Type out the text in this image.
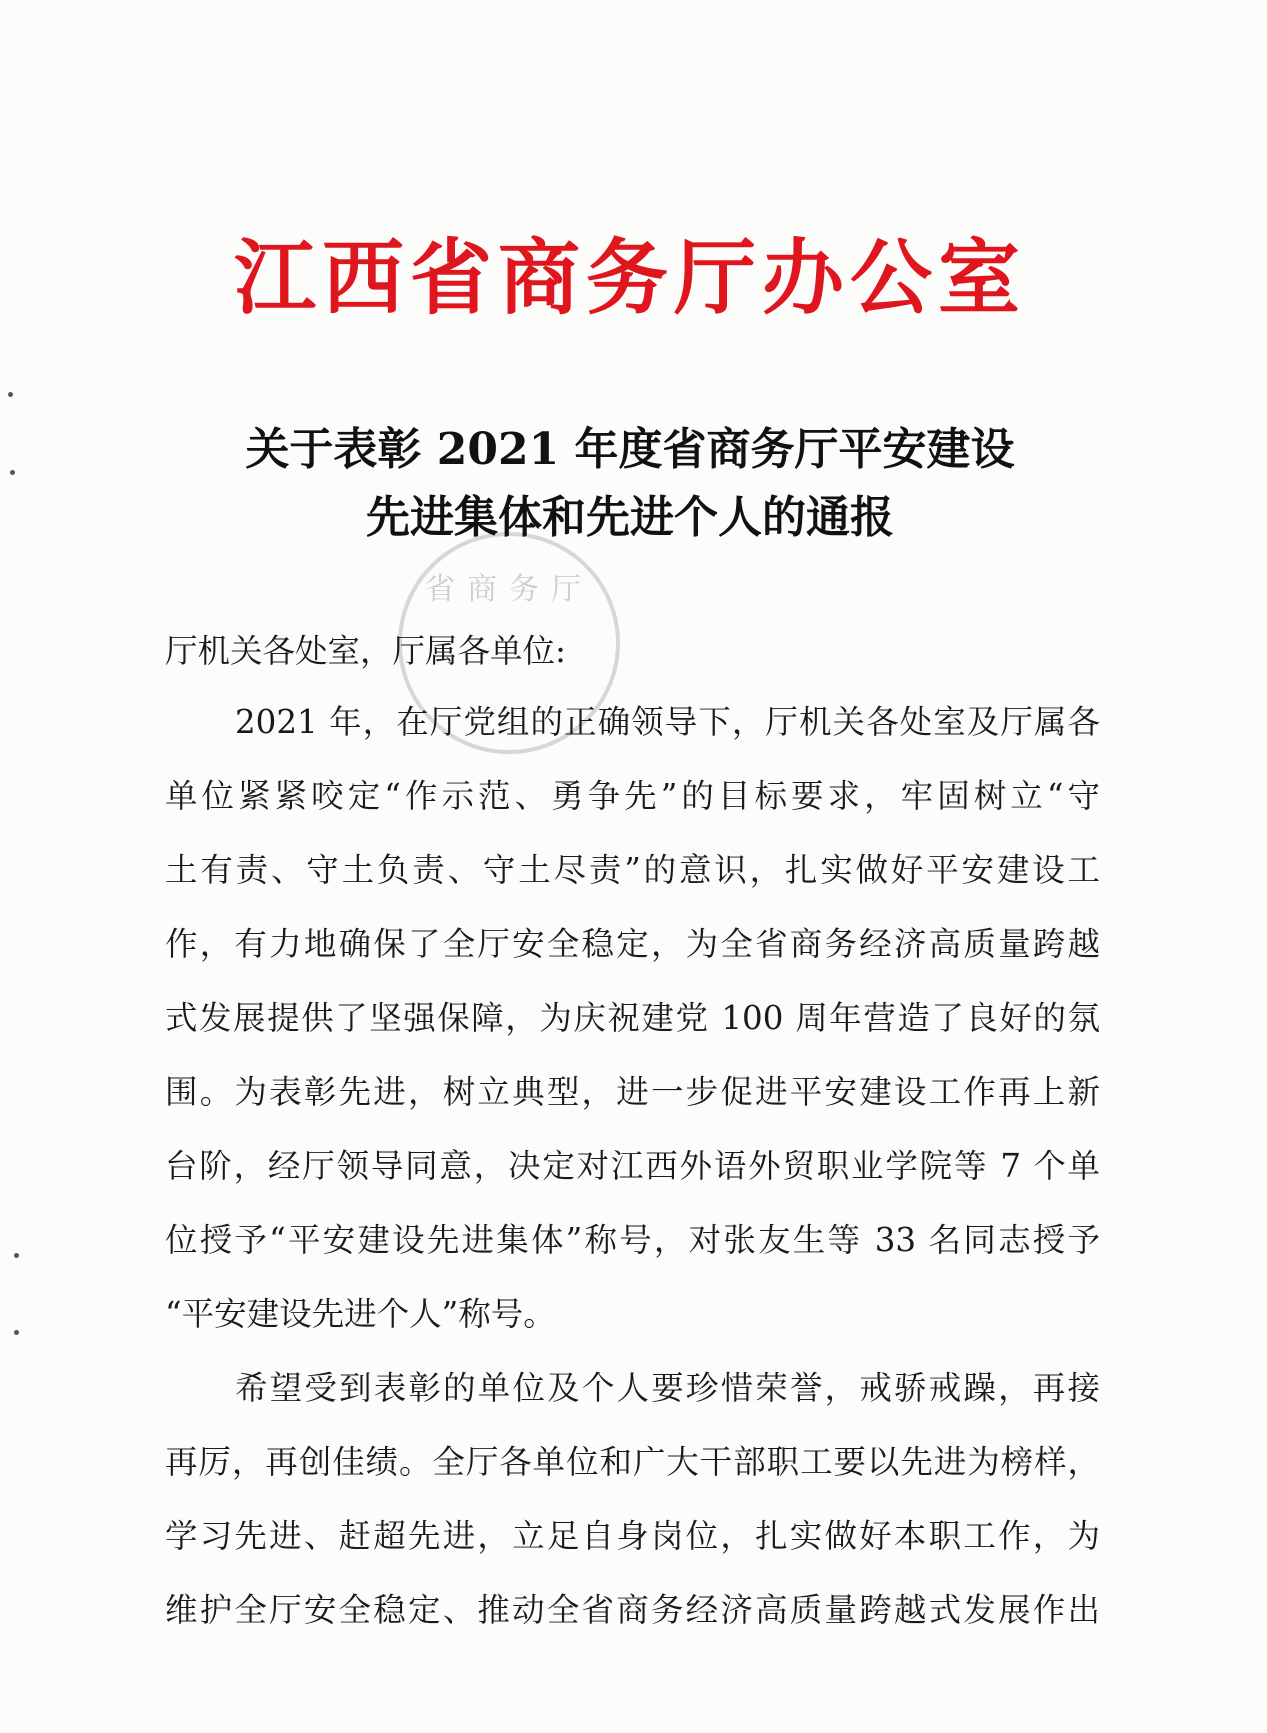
江西省商务厅办公室
省商务厅
关于表彰 2021 年度省商务厅平安建设
先进集体和先进个人的通报
厅机关各处室，厅属各单位:
2021 年，在厅党组的正确领导下，厅机关各处室及厅属各
单位紧紧咬定“作示范、勇争先”的目标要求，牢固树立“守
土有责、守土负责、守土尽责”的意识，扎实做好平安建设工
作，有力地确保了全厅安全稳定，为全省商务经济高质量跨越
式发展提供了坚强保障，为庆祝建党 100 周年营造了良好的氛
围。为表彰先进，树立典型，进一步促进平安建设工作再上新
台阶，经厅领导同意，决定对江西外语外贸职业学院等 7 个单
位授予“平安建设先进集体”称号，对张友生等 33 名同志授予
“平安建设先进个人”称号。
希望受到表彰的单位及个人要珍惜荣誉，戒骄戒躁，再接
再厉，再创佳绩。全厅各单位和广大干部职工要以先进为榜样，
学习先进、赶超先进，立足自身岗位，扎实做好本职工作，为
维护全厅安全稳定、推动全省商务经济高质量跨越式发展作出
